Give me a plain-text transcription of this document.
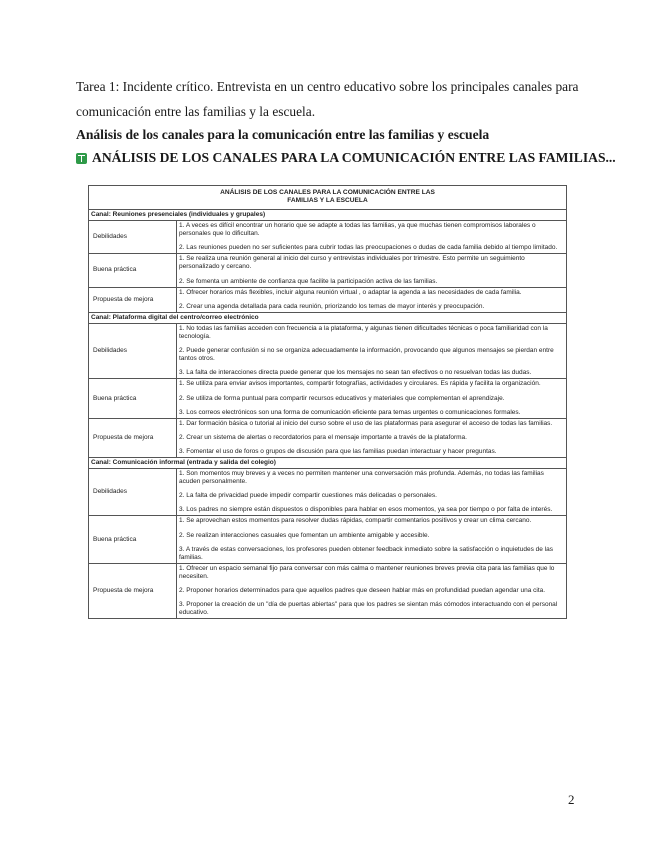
Tarea 1: Incidente crítico. Entrevista en un centro educativo sobre los principales canales para comunicación entre las familias y la escuela.
Análisis de los canales para la comunicación entre las familias y escuela
ANÁLISIS DE LOS CANALES PARA LA COMUNICACIÓN ENTRE LAS FAMILIAS...
ANÁLISIS DE LOS CANALES PARA LA COMUNICACIÓN ENTRE LAS
FAMILIAS Y LA ESCUELA	

Canal: Reuniones presenciales (individuales y grupales)	
Debilidades	1. A veces es difícil encontrar un horario que se adapte a todas las familias, ya que muchas tienen compromisos laborales o personales que lo dificultan.
2. Las reuniones pueden no ser suficientes para cubrir todas las preocupaciones o dudas de cada familia debido al tiempo limitado.

Buena práctica	1. Se realiza una reunión general al inicio del curso y entrevistas individuales por trimestre. Esto permite un seguimiento personalizado y cercano.
2. Se fomenta un ambiente de confianza que facilite la participación activa de las familias.

Propuesta de mejora	1. Ofrecer horarios más flexibles, incluir alguna reunión virtual , o adaptar la agenda a las necesidades de cada familia.
2. Crear una agenda detallada para cada reunión, priorizando los temas de mayor interés y preocupación.

Canal: Plataforma digital del centro/correo electrónico	
Debilidades	1. No todas las familias acceden con frecuencia a la plataforma, y algunas tienen dificultades técnicas o poca familiaridad con la tecnología.
2. Puede generar confusión si no se organiza adecuadamente la información, provocando que algunos mensajes se pierdan entre tantos otros.
3. La falta de interacciones directa puede generar que los mensajes no sean tan efectivos o no resuelvan todas las dudas.

Buena práctica	1. Se utiliza para enviar avisos importantes, compartir fotografías, actividades y circulares. Es rápida y facilita la organización.
2. Se utiliza de forma puntual para compartir recursos educativos y materiales que complementan el aprendizaje.
3. Los correos electrónicos son una forma de comunicación eficiente para temas urgentes o comunicaciones formales.

Propuesta de mejora	1. Dar formación básica o tutorial al inicio del curso sobre el uso de las plataformas para asegurar el acceso de todas las familias.
2. Crear un sistema de alertas o recordatorios para el mensaje importante a través de la plataforma.
3. Fomentar el uso de foros o grupos de discusión para que las familias puedan interactuar y hacer preguntas.

Canal: Comunicación informal (entrada y salida del colegio)	
Debilidades	1. Son momentos muy breves y a veces no permiten mantener una conversación más profunda. Además, no todas las familias acuden personalmente.
2. La falta de privacidad puede impedir compartir cuestiones más delicadas o personales.
3. Los padres no siempre están dispuestos o disponibles para hablar en esos momentos, ya sea por tiempo o por falta de interés.

Buena práctica	1. Se aprovechan estos momentos para resolver dudas rápidas, compartir comentarios positivos y crear un clima cercano.
2. Se realizan interacciones casuales que fomentan un ambiente amigable y accesible.
3. A través de estas conversaciones, los profesores pueden obtener feedback inmediato sobre la satisfacción o inquietudes de las familias.

Propuesta de mejora	1. Ofrecer un espacio semanal fijo para conversar con más calma o mantener reuniones breves previa cita para las familias que lo necesiten.
2. Proponer horarios determinados para que aquellos padres que deseen hablar más en profundidad puedan agendar una cita.
3. Proponer la creación de un "día de puertas abiertas" para que los padres se sientan más cómodos interactuando con el personal educativo.
2
